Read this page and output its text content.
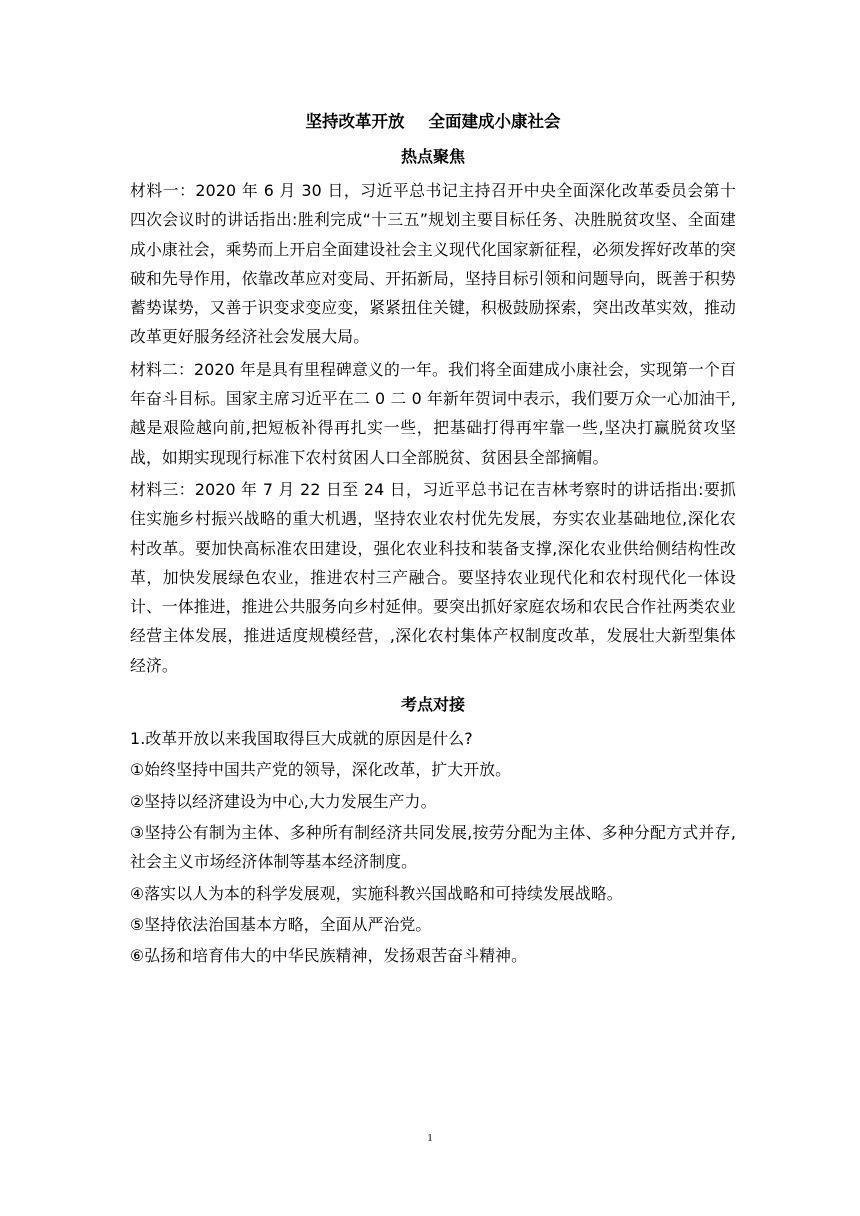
坚持改革开放 全面建成小康社会
热点聚焦

材料一：2020 年 6 月 30 日，习近平总书记主持召开中央全面深化改革委员会第十四次会议时的讲话指出:胜利完成“十三五”规划主要目标任务、决胜脱贫攻坚、全面建成小康社会，乘势而上开启全面建设社会主义现代化国家新征程，必须发挥好改革的突破和先导作用，依靠改革应对变局、开拓新局，坚持目标引领和问题导向，既善于积势蓄势谋势，又善于识变求变应变，紧紧扭住关键，积极鼓励探索，突出改革实效，推动改革更好服务经济社会发展大局。

材料二：2020 年是具有里程碑意义的一年。我们将全面建成小康社会，实现第一个百年奋斗目标。国家主席习近平在二 0 二 0 年新年贺词中表示，我们要万众一心加油干,越是艰险越向前,把短板补得再扎实一些，把基础打得再牢靠一些,坚决打赢脱贫攻坚战，如期实现现行标准下农村贫困人口全部脱贫、贫困县全部摘帽。

材料三：2020 年 7 月 22 日至 24 日，习近平总书记在吉林考察时的讲话指出:要抓住实施乡村振兴战略的重大机遇，坚持农业农村优先发展，夯实农业基础地位,深化农村改革。要加快高标准农田建设，强化农业科技和装备支撑,深化农业供给侧结构性改革，加快发展绿色农业，推进农村三产融合。要坚持农业现代化和农村现代化一体设计、一体推进，推进公共服务向乡村延伸。要突出抓好家庭农场和农民合作社两类农业经营主体发展，推进适度规模经营，,深化农村集体产权制度改革，发展壮大新型集体经济。

考点对接

1.改革开放以来我国取得巨大成就的原因是什么?

①始终坚持中国共产党的领导，深化改革，扩大开放。

②坚持以经济建设为中心,大力发展生产力。

③坚持公有制为主体、多种所有制经济共同发展,按劳分配为主体、多种分配方式并存,社会主义市场经济体制等基本经济制度。

④落实以人为本的科学发展观，实施科教兴国战略和可持续发展战略。

⑤坚持依法治国基本方略，全面从严治党。

⑥弘扬和培育伟大的中华民族精神，发扬艰苦奋斗精神。

1
